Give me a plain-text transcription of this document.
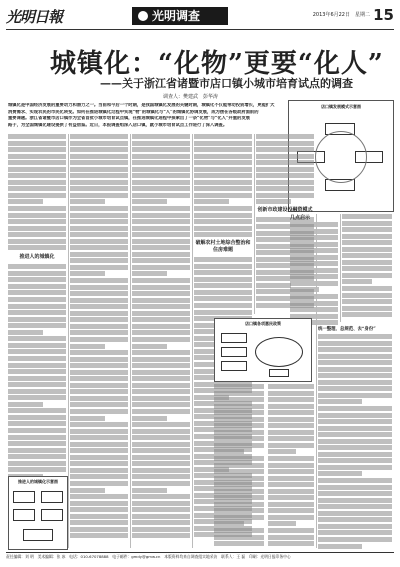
光明日報	光明调查	2013年6月22日　星期二 15
城镇化：“化物”更要“化人”
——关于浙江省诸暨市店口镇小城市培育试点的调查
调查人：樊建武　彭华涛
城镇化是中国经济发展的重要动力和潜力之一。当前和今后一个时期，是我国城镇化发展的关键时期，城镇化不仅能带动投资增长，更能扩大
消费需求、实现农民的市民化转变。如何在推进城镇化过程中实现“物”的城镇化与“人”的城镇化协调发展，成为摆在各级政府面前的
重要课题。浙江省诸暨市店口镇作为全省首批小城市培育试点镇，在推进城镇化进程中探索出了一条“化物”与“化人”并重的发展
路子，为全国城镇化建设提供了有益借鉴。近日，本报调查组深入店口镇，就小城市培育试点工作进行了深入调查。
店口镇发展模式示意图
推进人的城镇化
破解农村土地综合整治和住房难题
创新市政建设投融资模式
几点启示
店口镇各项惠民政策
统一整理、总规范、去“身份”
推进人的城镇化示意图
责任编辑：刘 明　美术编辑：张 冰　电话：010-67078888　电子邮件：gmdy@gmw.cn　本版资料均来自调查组实地采访　联系人：王 磊　印刷：光明日报印务中心
